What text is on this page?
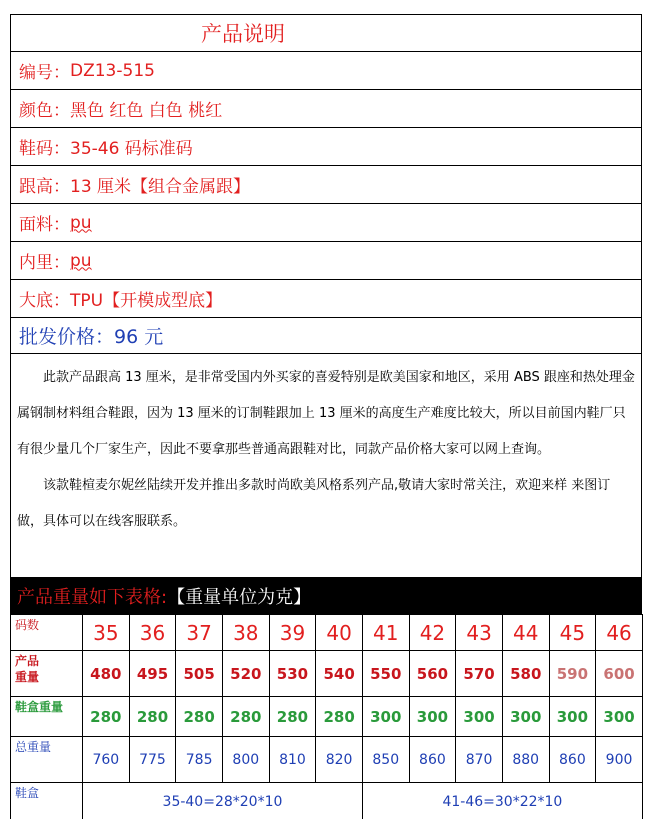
产品说明
编号： DZ13-515
颜色： 黑色 红色 白色 桃红
鞋码： 35-46 码标准码
跟高： 13 厘米【组合金属跟】
面料： pu
内里： pu
大底： TPU【开模成型底】
批发价格： 96 元

此款产品跟高 13 厘米，是非常受国内外买家的喜爱特别是欧美国家和地区，采用 ABS 跟座和热处理金属钢制材料组合鞋跟，因为 13 厘米的订制鞋跟加上 13 厘米的高度生产难度比较大，所以目前国内鞋厂只有很少量几个厂家生产，因此不要拿那些普通高跟鞋对比，同款产品价格大家可以网上查询。

该款鞋楦麦尔妮丝陆续开发并推出多款时尚欧美风格系列产品,敬请大家时常关注，欢迎来样 来图订做，具体可以在线客服联系。

产品重量如下表格: 【重量单位为克】
码数	35	36	37	38	39	40	41	42	43	44	45	46
产品
重量	480	495	505	520	530	540	550	560	570	580	590	600
鞋盒重量	280	280	280	280	280	280	300	300	300	300	300	300
总重量	760	775	785	800	810	820	850	860	870	880	860	900
鞋盒	35-40=28*20*10						41-46=30*22*10					
